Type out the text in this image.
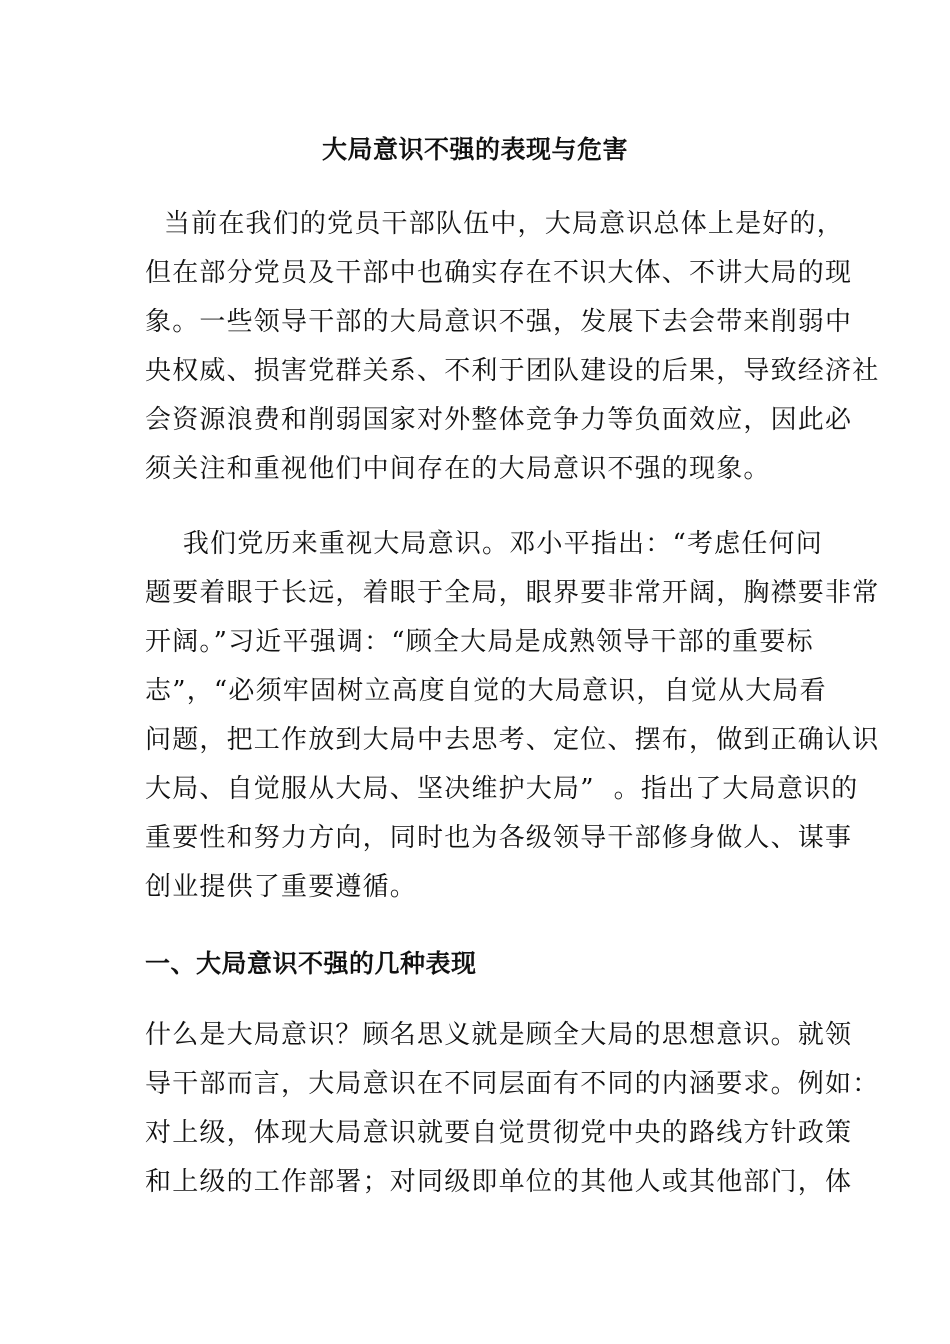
大局意识不强的表现与危害
当前在我们的党员干部队伍中，大局意识总体上是好的，
但在部分党员及干部中也确实存在不识大体、不讲大局的现
象。一些领导干部的大局意识不强，发展下去会带来削弱中
央权威、损害党群关系、不利于团队建设的后果，导致经济社
会资源浪费和削弱国家对外整体竞争力等负面效应，因此必
须关注和重视他们中间存在的大局意识不强的现象。
我们党历来重视大局意识。邓小平指出：“考虑任何问
题要着眼于长远，着眼于全局，眼界要非常开阔，胸襟要非常
开阔。”习近平强调：“顾全大局是成熟领导干部的重要标
志”，“必须牢固树立高度自觉的大局意识，自觉从大局看
问题，把工作放到大局中去思考、定位、摆布，做到正确认识
大局、自觉服从大局、坚决维护大局”  。指出了大局意识的
重要性和努力方向，同时也为各级领导干部修身做人、谋事
创业提供了重要遵循。
一、大局意识不强的几种表现
什么是大局意识？顾名思义就是顾全大局的思想意识。就领
导干部而言，大局意识在不同层面有不同的内涵要求。例如：
对上级，体现大局意识就要自觉贯彻党中央的路线方针政策
和上级的工作部署；对同级即单位的其他人或其他部门，体
